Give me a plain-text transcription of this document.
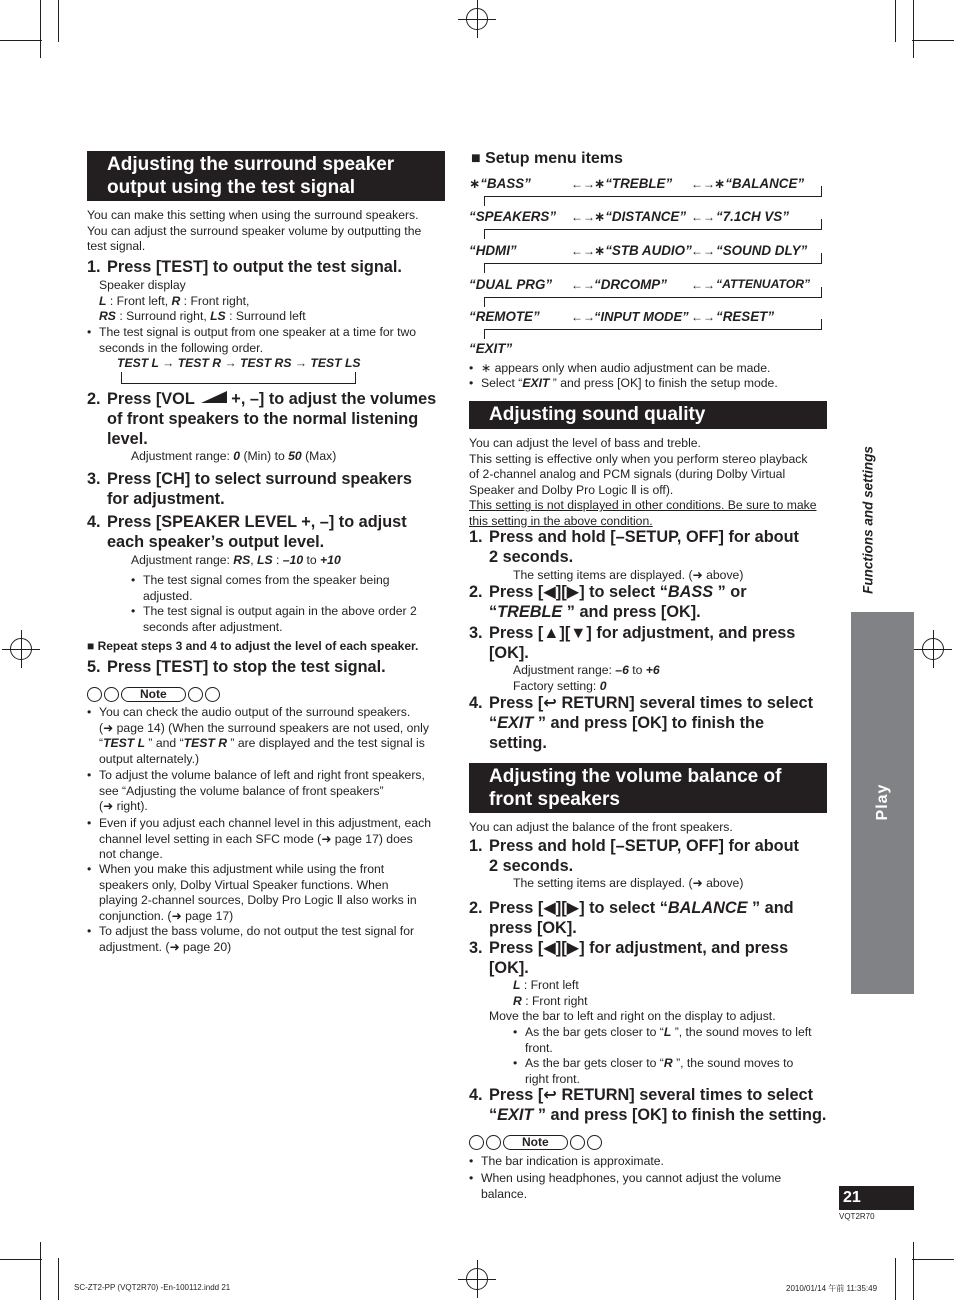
Adjusting the surround speaker
output using the test signal
You can make this setting when using the surround speakers.
You can adjust the surround speaker volume by outputting the
test signal.
1. Press [TEST] to output the test signal.
Speaker display
L : Front left, R : Front right,
RS : Surround right, LS : Surround left
• The test signal is output from one speaker at a time for two
seconds in the following order.
TEST L → TEST R → TEST RS → TEST LS
2. Press [VOL +, –] to adjust the volumes
of front speakers to the normal listening
level.
Adjustment range: 0 (Min) to 50 (Max)
3. Press [CH] to select surround speakers
for adjustment.
4. Press [SPEAKER LEVEL +, –] to adjust
each speaker’s output level.
Adjustment range: RS, LS : –10 to +10
• The test signal comes from the speaker being
adjusted.
• The test signal is output again in the above order 2
seconds after adjustment.
■ Repeat steps 3 and 4 to adjust the level of each speaker.
5. Press [TEST] to stop the test signal.
Note
• You can check the audio output of the surround speakers.
(➜ page 14) (When the surround speakers are not used, only
“TEST L ” and “TEST R ” are displayed and the test signal is
output alternately.)
• To adjust the volume balance of left and right front speakers,
see “Adjusting the volume balance of front speakers”
(➜ right).
• Even if you adjust each channel level in this adjustment, each
channel level setting in each SFC mode (➜ page 17) does
not change.
• When you make this adjustment while using the front
speakers only, Dolby Virtual Speaker functions. When
playing 2-channel sources, Dolby Pro Logic Ⅱ also works in
conjunction. (➜ page 17)
• To adjust the bass volume, do not output the test signal for
adjustment. (➜ page 20)
■ Setup menu items
∗“BASS”	←→ ∗“TREBLE” ←→ ∗“BALANCE”
“SPEAKERS” ←→ ∗“DISTANCE” ←→ “7.1CH VS”
“HDMI”	←→ ∗“STB AUDIO” ←→ “SOUND DLY”
“DUAL PRG” ←→ “DRCOMP” ←→ “ATTENUATOR”
“REMOTE”	←→ “INPUT MODE” ←→ “RESET”
“EXIT”
• ∗ appears only when audio adjustment can be made.
• Select “EXIT ” and press [OK] to finish the setup mode.
Adjusting sound quality
You can adjust the level of bass and treble.
This setting is effective only when you perform stereo playback
of 2-channel analog and PCM signals (during Dolby Virtual
Speaker and Dolby Pro Logic Ⅱ is off).
This setting is not displayed in other conditions. Be sure to make
this setting in the above condition.
1. Press and hold [–SETUP, OFF] for about
2 seconds.
The setting items are displayed. (➜ above)
2. Press [◀][▶] to select “BASS ” or
“TREBLE ” and press [OK].
3. Press [▲][▼] for adjustment, and press
[OK].
Adjustment range: –6 to +6
Factory setting: 0
4. Press [↩ RETURN] several times to select
“EXIT ” and press [OK] to finish the
setting.
Adjusting the volume balance of
front speakers
You can adjust the balance of the front speakers.
1. Press and hold [–SETUP, OFF] for about
2 seconds.
The setting items are displayed. (➜ above)
2. Press [◀][▶] to select “BALANCE ” and
press [OK].
3. Press [◀][▶] for adjustment, and press
[OK].
L : Front left
R : Front right
Move the bar to left and right on the display to adjust.
• As the bar gets closer to “L ”, the sound moves to left
front.
• As the bar gets closer to “R ”, the sound moves to
right front.
4. Press [↩ RETURN] several times to select
“EXIT ” and press [OK] to finish the setting.
Note
• The bar indication is approximate.
• When using headphones, you cannot adjust the volume
balance.
Functions and settings
Play
21
VQT2R70
SC-ZT2-PP (VQT2R70) -En-100112.indd 21	2010/01/14 午前 11:35:49
